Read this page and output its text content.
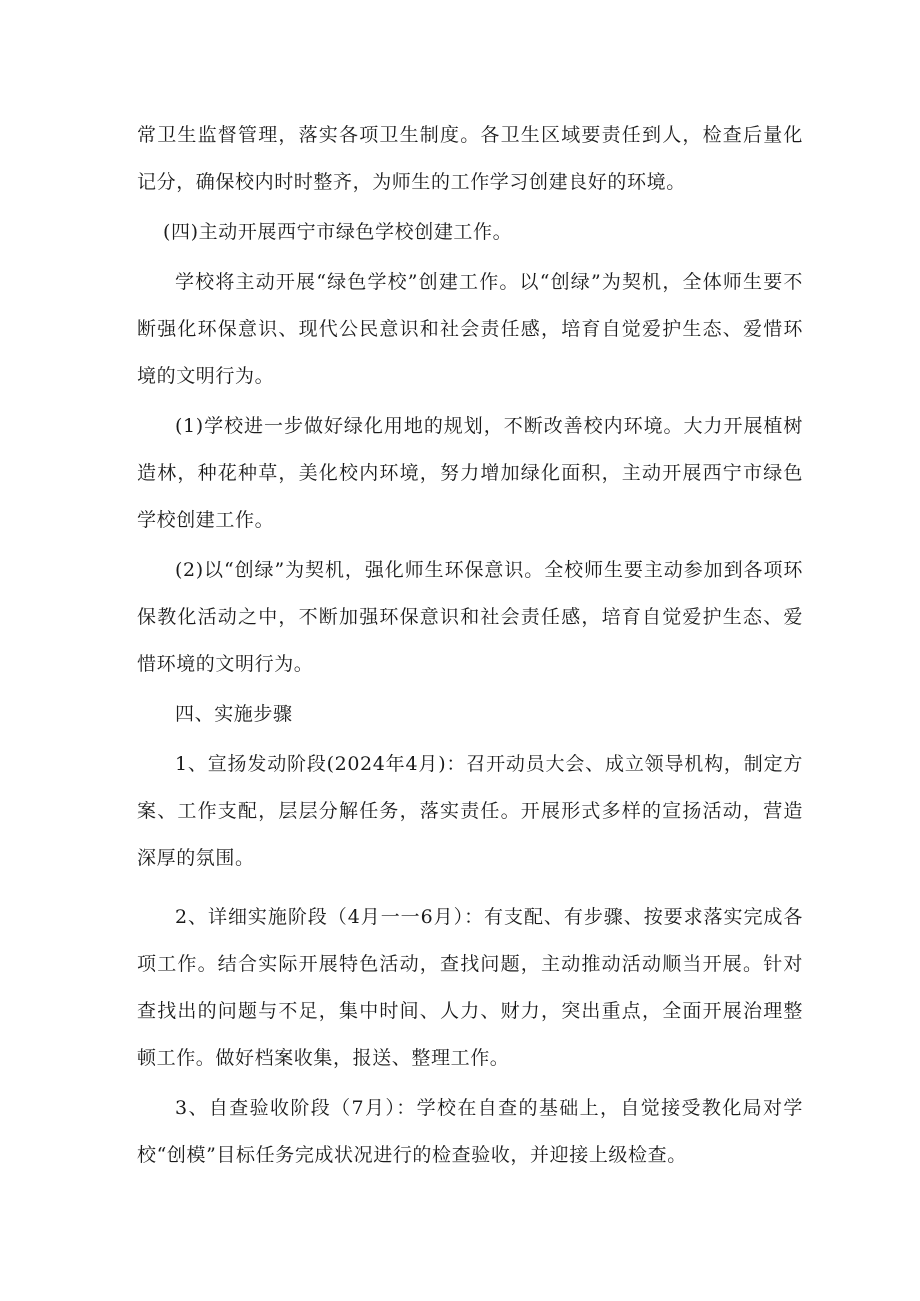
常卫生监督管理，落实各项卫生制度。各卫生区域要责任到人，检查后量化记分，确保校内时时整齐，为师生的工作学习创建良好的环境。

(四)主动开展西宁市绿色学校创建工作。

学校将主动开展“绿色学校”创建工作。以“创绿”为契机，全体师生要不断强化环保意识、现代公民意识和社会责任感，培育自觉爱护生态、爱惜环境的文明行为。

(1)学校进一步做好绿化用地的规划，不断改善校内环境。大力开展植树造林，种花种草，美化校内环境，努力增加绿化面积，主动开展西宁市绿色学校创建工作。

(2)以“创绿”为契机，强化师生环保意识。全校师生要主动参加到各项环保教化活动之中，不断加强环保意识和社会责任感，培育自觉爱护生态、爱惜环境的文明行为。

四、实施步骤

1、宣扬发动阶段(2024年4月)：召开动员大会、成立领导机构，制定方案、工作支配，层层分解任务，落实责任。开展形式多样的宣扬活动，营造深厚的氛围。

2、详细实施阶段（4月一一6月）：有支配、有步骤、按要求落实完成各项工作。结合实际开展特色活动，查找问题，主动推动活动顺当开展。针对查找出的问题与不足，集中时间、人力、财力，突出重点，全面开展治理整顿工作。做好档案收集，报送、整理工作。

3、自查验收阶段（7月）：学校在自查的基础上，自觉接受教化局对学校“创模”目标任务完成状况进行的检查验收，并迎接上级检查。
